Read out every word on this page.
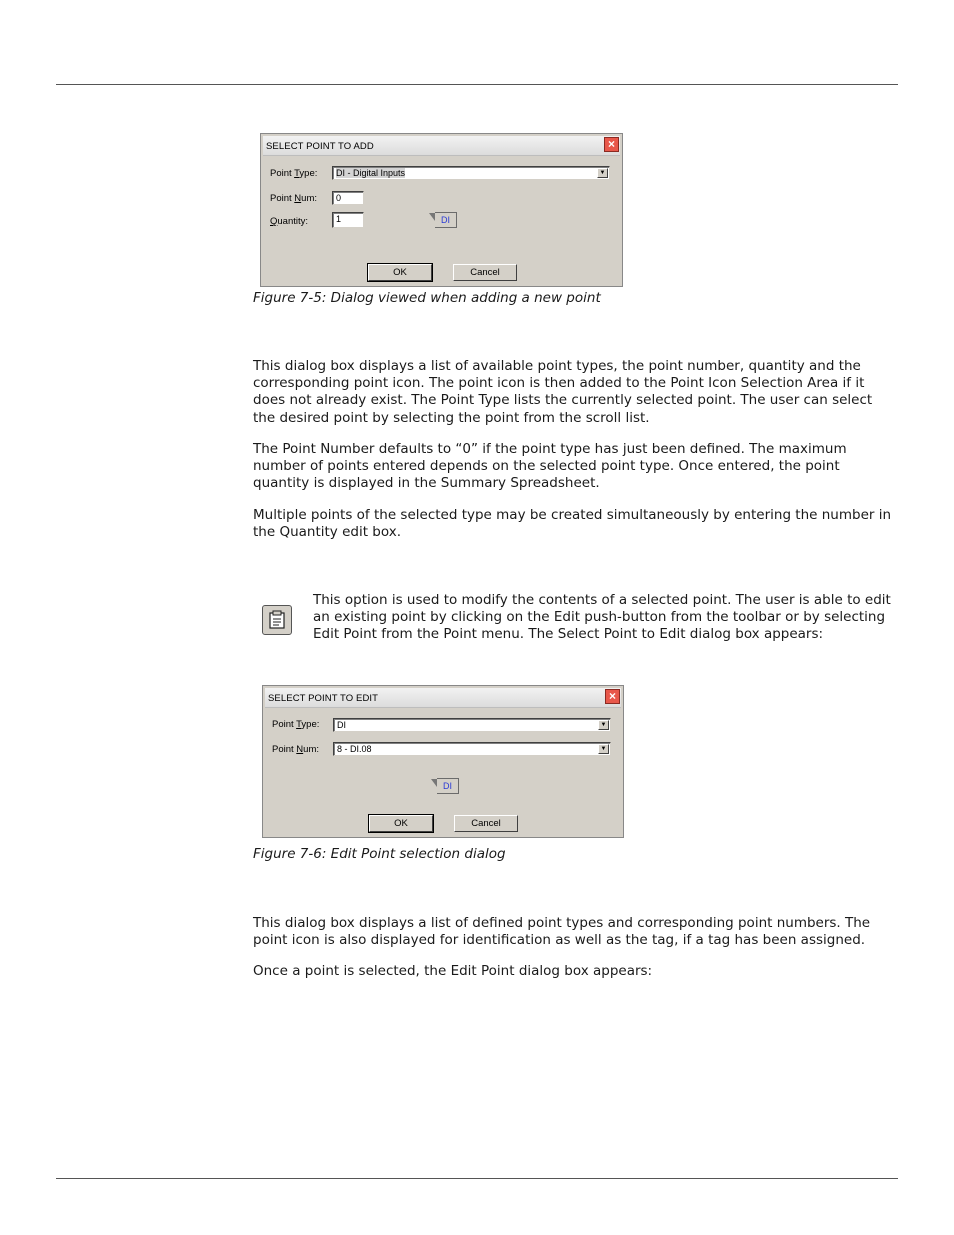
SELECT POINT TO ADD	×
Point Type:	DI - Digital Inputs	▼
Point Num:	0
Quantity:	1	DI
OK	Cancel

Figure 7-5: Dialog viewed when adding a new point

This dialog box displays a list of available point types, the point number, quantity and the corresponding point icon. The point icon is then added to the Point Icon Selection Area if it does not already exist. The Point Type lists the currently selected point. The user can select the desired point by selecting the point from the scroll list.

The Point Number defaults to “0” if the point type has just been defined. The maximum number of points entered depends on the selected point type. Once entered, the point quantity is displayed in the Summary Spreadsheet.

Multiple points of the selected type may be created simultaneously by entering the number in the Quantity edit box.

This option is used to modify the contents of a selected point. The user is able to edit an existing point by clicking on the Edit push-button from the toolbar or by selecting Edit Point from the Point menu. The Select Point to Edit dialog box appears:

SELECT POINT TO EDIT	×
Point Type:	DI	▼
Point Num:	8 - DI.08	▼
DI
OK	Cancel

Figure 7-6: Edit Point selection dialog

This dialog box displays a list of defined point types and corresponding point numbers. The point icon is also displayed for identification as well as the tag, if a tag has been assigned.

Once a point is selected, the Edit Point dialog box appears:
